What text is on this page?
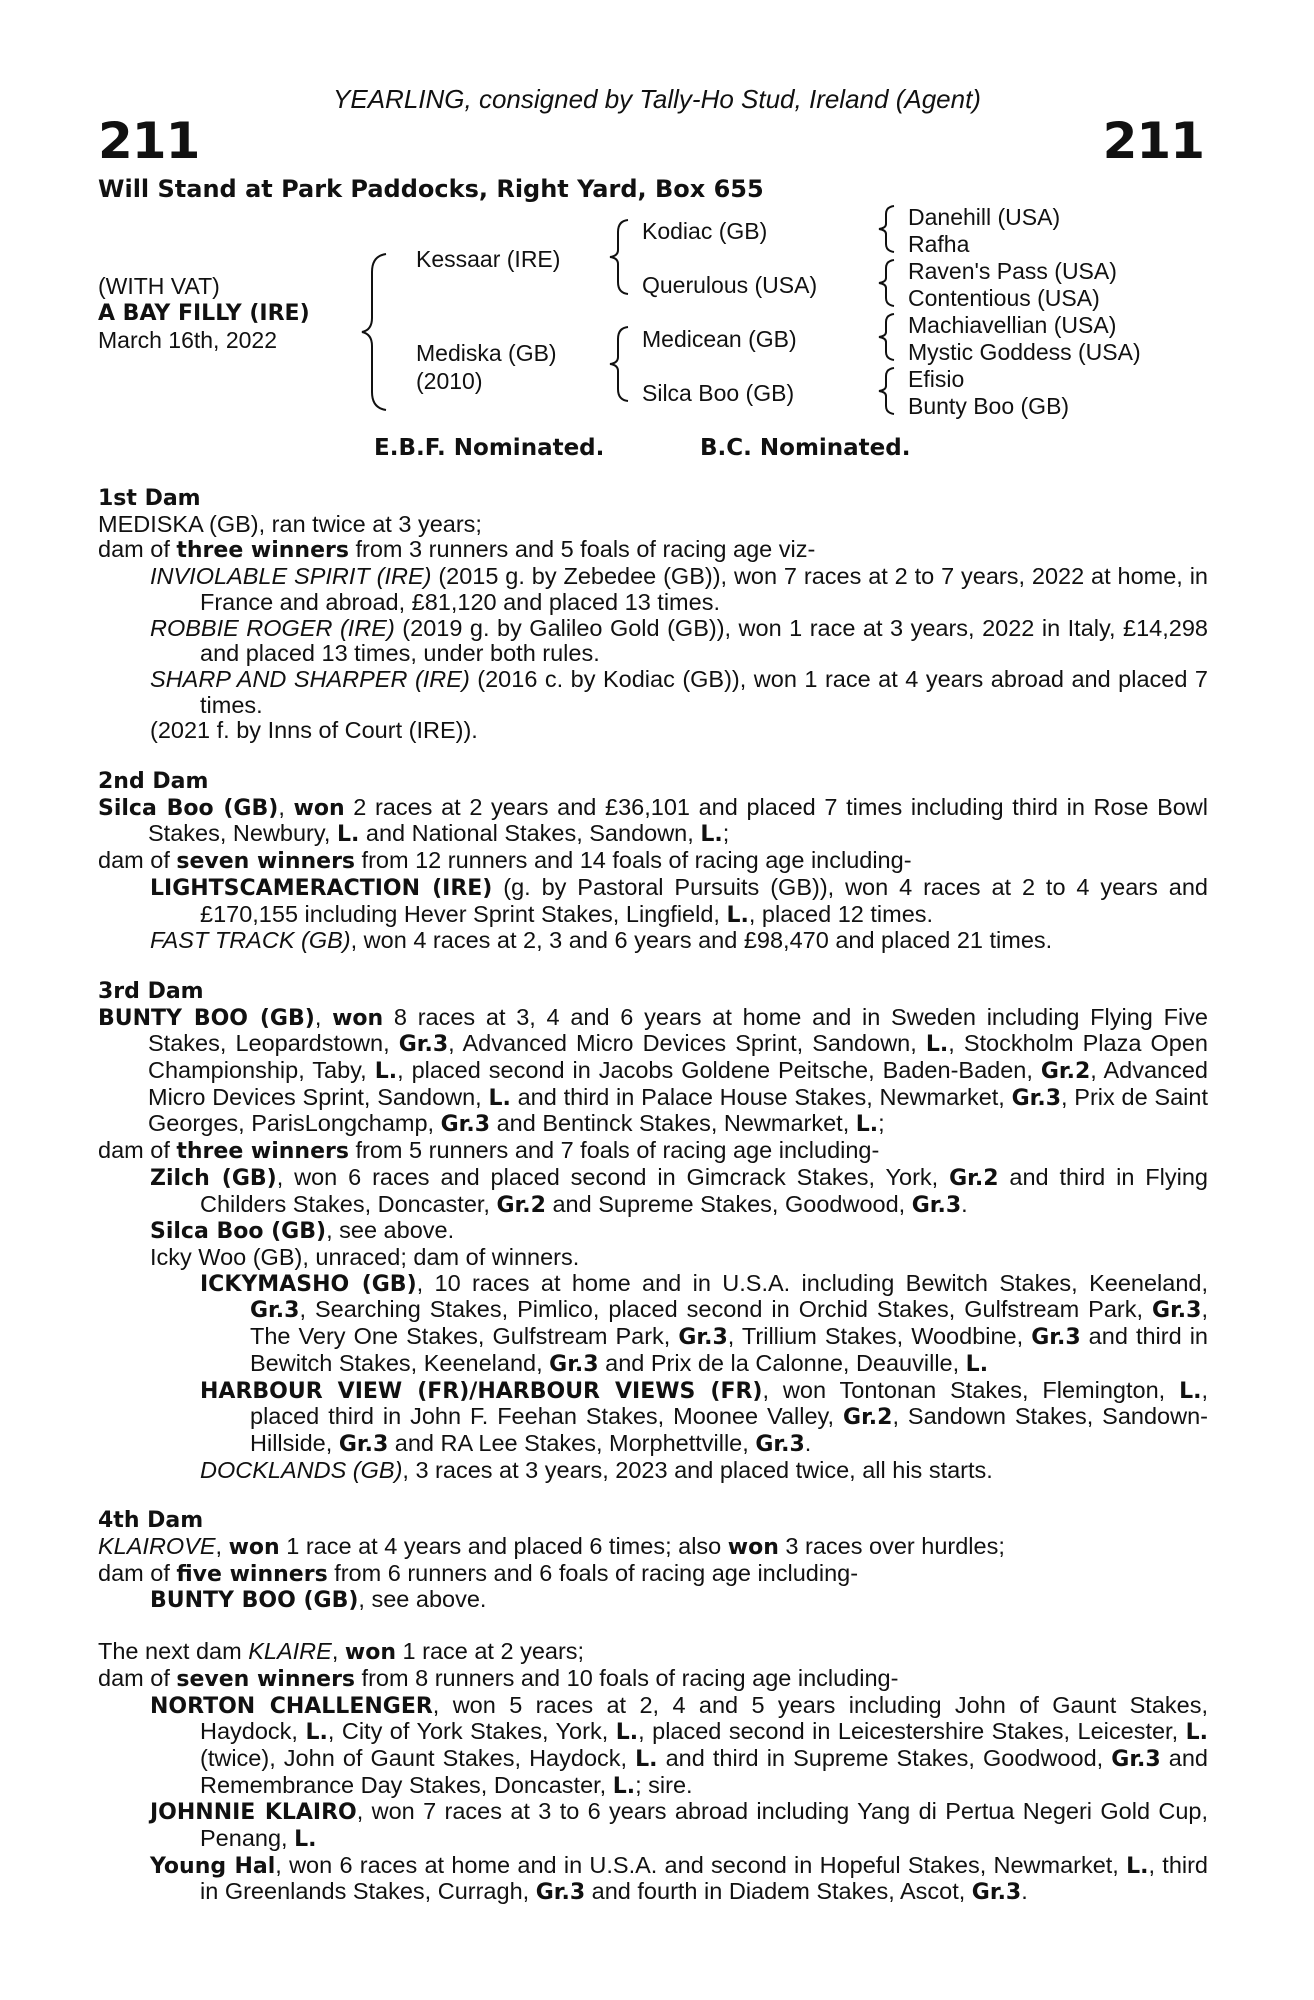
YEARLING, consigned by Tally-Ho Stud, Ireland (Agent)
211	211
Will Stand at Park Paddocks, Right Yard, Box 655
(WITH VAT)
A BAY FILLY (IRE)
March 16th, 2022
Kessaar (IRE)
Mediska (GB)
(2010)
Kodiac (GB)
Querulous (USA)
Medicean (GB)
Silca Boo (GB)
Danehill (USA)
Rafha
Raven's Pass (USA)
Contentious (USA)
Machiavellian (USA)
Mystic Goddess (USA)
Efisio
Bunty Boo (GB)
E.B.F. Nominated.	B.C. Nominated.

1st Dam

MEDISKA (GB), ran twice at 3 years;

dam of three winners from 3 runners and 5 foals of racing age viz-

INVIOLABLE SPIRIT (IRE) (2015 g. by Zebedee (GB)), won 7 races at 2 to 7 years, 2022 at home, in France and abroad, £81,120 and placed 13 times.

ROBBIE ROGER (IRE) (2019 g. by Galileo Gold (GB)), won 1 race at 3 years, 2022 in Italy, £14,298 and placed 13 times, under both rules.

SHARP AND SHARPER (IRE) (2016 c. by Kodiac (GB)), won 1 race at 4 years abroad and placed 7 times.

(2021 f. by Inns of Court (IRE)).

2nd Dam

Silca Boo (GB), won 2 races at 2 years and £36,101 and placed 7 times including third in Rose Bowl Stakes, Newbury, L. and National Stakes, Sandown, L.;

dam of seven winners from 12 runners and 14 foals of racing age including-

LIGHTSCAMERACTION (IRE) (g. by Pastoral Pursuits (GB)), won 4 races at 2 to 4 years and £170,155 including Hever Sprint Stakes, Lingfield, L., placed 12 times.

FAST TRACK (GB), won 4 races at 2, 3 and 6 years and £98,470 and placed 21 times.

3rd Dam

BUNTY BOO (GB), won 8 races at 3, 4 and 6 years at home and in Sweden including Flying Five Stakes, Leopardstown, Gr.3, Advanced Micro Devices Sprint, Sandown, L., Stockholm Plaza Open Championship, Taby, L., placed second in Jacobs Goldene Peitsche, Baden-Baden, Gr.2, Advanced Micro Devices Sprint, Sandown, L. and third in Palace House Stakes, Newmarket, Gr.3, Prix de Saint Georges, ParisLongchamp, Gr.3 and Bentinck Stakes, Newmarket, L.;

dam of three winners from 5 runners and 7 foals of racing age including-

Zilch (GB), won 6 races and placed second in Gimcrack Stakes, York, Gr.2 and third in Flying Childers Stakes, Doncaster, Gr.2 and Supreme Stakes, Goodwood, Gr.3.

Silca Boo (GB), see above.

Icky Woo (GB), unraced; dam of winners.

ICKYMASHO (GB), 10 races at home and in U.S.A. including Bewitch Stakes, Keeneland, Gr.3, Searching Stakes, Pimlico, placed second in Orchid Stakes, Gulfstream Park, Gr.3, The Very One Stakes, Gulfstream Park, Gr.3, Trillium Stakes, Woodbine, Gr.3 and third in Bewitch Stakes, Keeneland, Gr.3 and Prix de la Calonne, Deauville, L.

HARBOUR VIEW (FR)/HARBOUR VIEWS (FR), won Tontonan Stakes, Flemington, L., placed third in John F. Feehan Stakes, Moonee Valley, Gr.2, Sandown Stakes, Sandown-Hillside, Gr.3 and RA Lee Stakes, Morphettville, Gr.3.

DOCKLANDS (GB), 3 races at 3 years, 2023 and placed twice, all his starts.

4th Dam

KLAIROVE, won 1 race at 4 years and placed 6 times; also won 3 races over hurdles;

dam of five winners from 6 runners and 6 foals of racing age including-

BUNTY BOO (GB), see above.

The next dam KLAIRE, won 1 race at 2 years;

dam of seven winners from 8 runners and 10 foals of racing age including-

NORTON CHALLENGER, won 5 races at 2, 4 and 5 years including John of Gaunt Stakes, Haydock, L., City of York Stakes, York, L., placed second in Leicestershire Stakes, Leicester, L. (twice), John of Gaunt Stakes, Haydock, L. and third in Supreme Stakes, Goodwood, Gr.3 and Remembrance Day Stakes, Doncaster, L.; sire.

JOHNNIE KLAIRO, won 7 races at 3 to 6 years abroad including Yang di Pertua Negeri Gold Cup, Penang, L.

Young Hal, won 6 races at home and in U.S.A. and second in Hopeful Stakes, Newmarket, L., third in Greenlands Stakes, Curragh, Gr.3 and fourth in Diadem Stakes, Ascot, Gr.3.
